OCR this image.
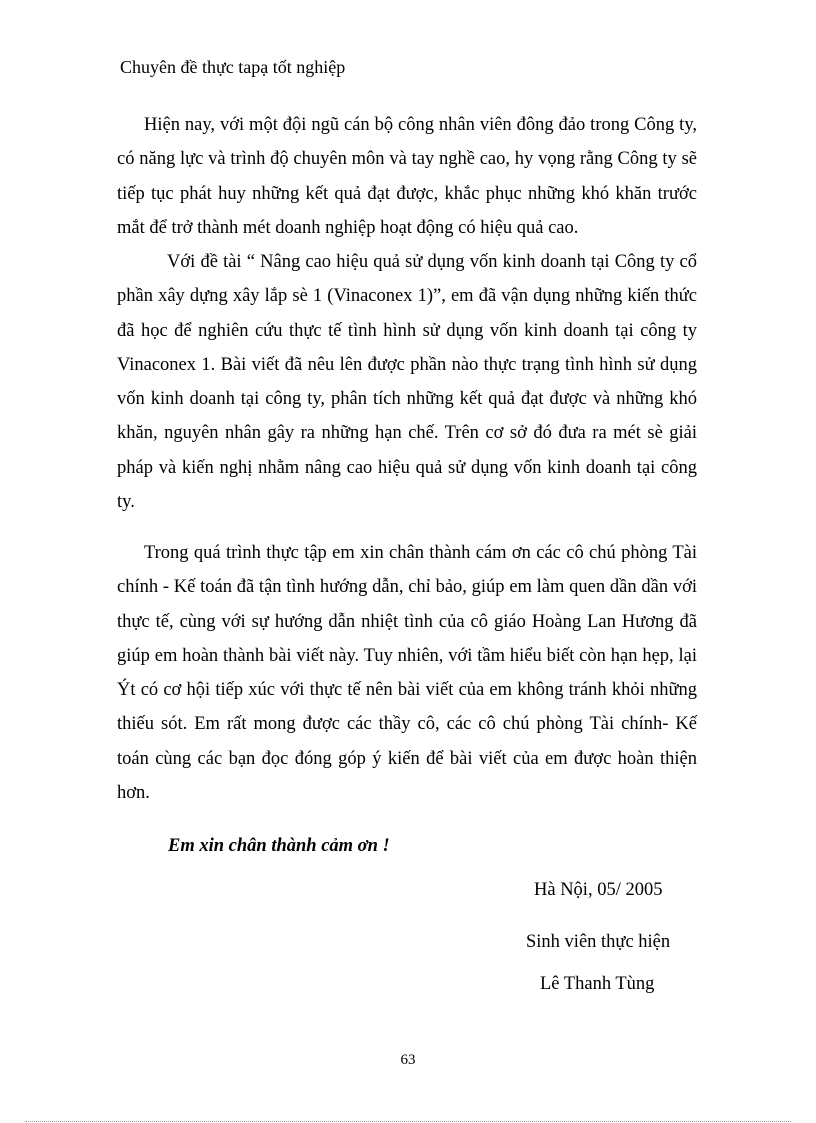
Chuyên đề thực tapạ tốt nghiệp

Hiện nay, với một đội ngũ cán bộ công nhân viên đông đảo trong Công ty, có năng lực và trình độ chuyên môn và tay nghề cao, hy vọng rằng Công ty sẽ tiếp tục phát huy những kết quả đạt được, khắc phục những khó khăn trước mắt để trở thành mét doanh nghiệp hoạt động có hiệu quả cao.

Với đề tài “ Nâng cao hiệu quả sử dụng vốn kinh doanh tại Công ty cổ phần xây dựng xây lắp sè 1 (Vinaconex 1)”, em đã vận dụng những kiến thức đã học để nghiên cứu thực tế tình hình sử dụng vốn kinh doanh tại công ty Vinaconex 1. Bài viết đã nêu lên được phần nào thực trạng tình hình sử dụng vốn kinh doanh tại công ty, phân tích những kết quả đạt được và những khó khăn, nguyên nhân gây ra những hạn chế. Trên cơ sở đó đưa ra mét sè giải pháp và kiến nghị nhằm nâng cao hiệu quả sử dụng vốn kinh doanh tại công ty.

Trong quá trình thực tập em xin chân thành cám ơn các cô chú phòng Tài chính - Kế toán đã tận tình hướng dẫn, chỉ bảo, giúp em làm quen dần dần với thực tế, cùng với sự hướng dẫn nhiệt tình của cô giáo Hoàng Lan Hương đã giúp em hoàn thành bài viết này. Tuy nhiên, với tầm hiểu biết còn hạn hẹp, lại Ýt có cơ hội tiếp xúc với thực tế nên bài viết của em không tránh khỏi những thiếu sót. Em rất mong được các thầy cô, các cô chú phòng Tài chính- Kế toán cùng các bạn đọc đóng góp ý kiến để bài viết của em được hoàn thiện hơn.

Em xin chân thành cảm ơn !
Hà Nội, 05/ 2005
Sinh viên thực hiện
Lê Thanh Tùng
63
